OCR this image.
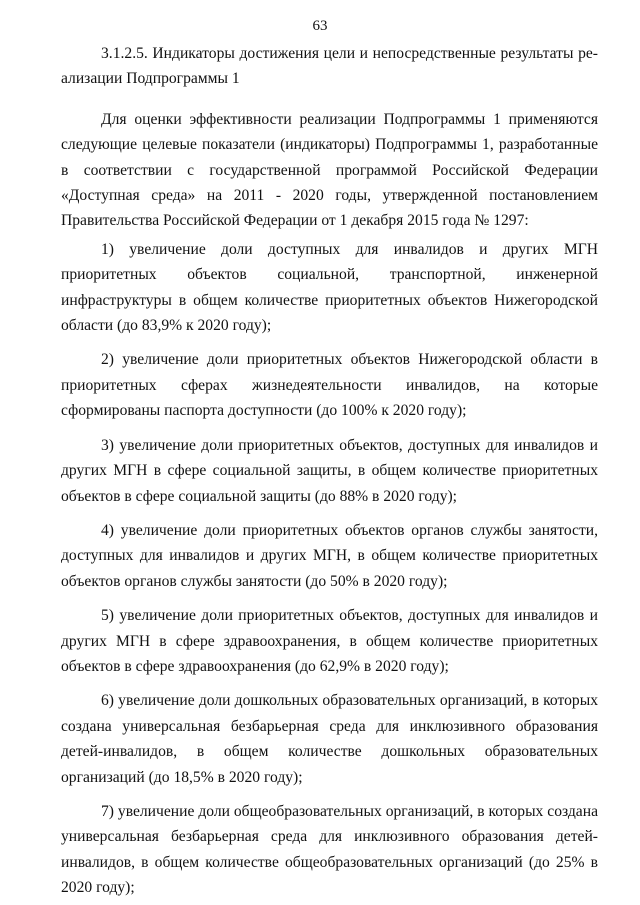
63

3.1.2.5. Индикаторы достижения цели и непосредственные результаты реализации Подпрограммы 1

Для оценки эффективности реализации Подпрограммы 1 применяются следующие целевые показатели (индикаторы) Подпрограммы 1, разработанные в соответствии с государственной программой Российской Федерации «Доступная среда» на 2011 - 2020 годы, утвержденной постановлением Правительства Российской Федерации от 1 декабря 2015 года № 1297:

1) увеличение доли доступных для инвалидов и других МГН приоритетных объектов социальной, транспортной, инженерной инфраструктуры в общем количестве приоритетных объектов Нижегородской области (до 83,9% к 2020 году);

2) увеличение доли приоритетных объектов Нижегородской области в приоритетных сферах жизнедеятельности инвалидов, на которые сформированы паспорта доступности (до 100% к 2020 году);

3) увеличение доли приоритетных объектов, доступных для инвалидов и других МГН в сфере социальной защиты, в общем количестве приоритетных объектов в сфере социальной защиты (до 88% в 2020 году);

4) увеличение доли приоритетных объектов органов службы занятости, доступных для инвалидов и других МГН, в общем количестве приоритетных объектов органов службы занятости (до 50% в 2020 году);

5) увеличение доли приоритетных объектов, доступных для инвалидов и других МГН в сфере здравоохранения, в общем количестве приоритетных объектов в сфере здравоохранения (до 62,9% в 2020 году);

6) увеличение доли дошкольных образовательных организаций, в которых создана универсальная безбарьерная среда для инклюзивного образования детей-инвалидов, в общем количестве дошкольных образовательных организаций (до 18,5% в 2020 году);

7) увеличение доли общеобразовательных организаций, в которых создана универсальная безбарьерная среда для инклюзивного образования детей-инвалидов, в общем количестве общеобразовательных организаций (до 25% в 2020 году);
